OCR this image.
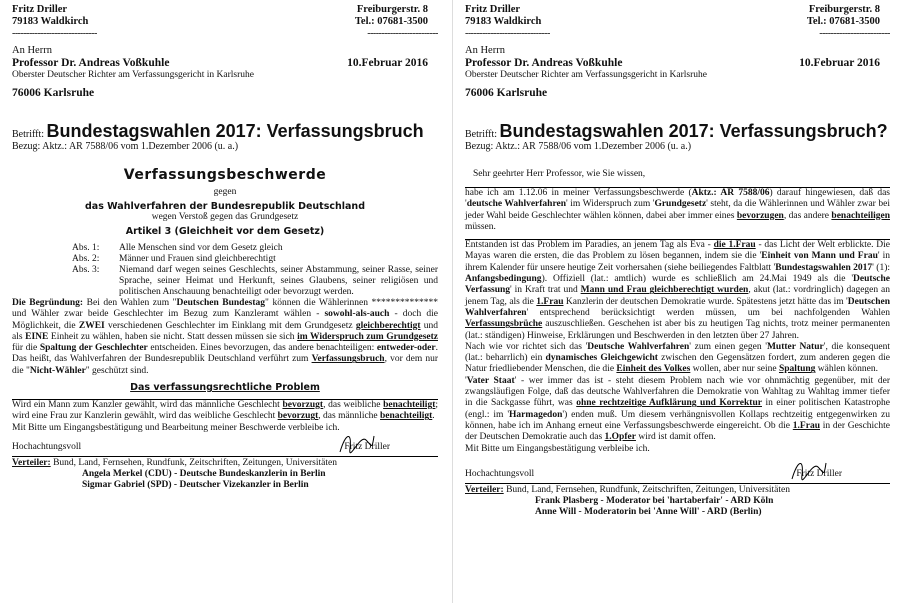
Fritz Driller
79183 Waldkirch
Freiburgerstr. 8
Tel.: 07681-3500
------------------------------	-------------------------
An Herrn
Professor Dr. Andreas Voßkuhle	10.Februar 2016
Oberster Deutscher Richter am Verfassungsgericht in Karlsruhe
76006 Karlsruhe
Betrifft: Bundestagswahlen 2017: Verfassungsbruch
Bezug: Aktz.: AR 7588/06 vom 1.Dezember 2006 (u. a.)
Verfassungsbeschwerde
gegen
das Wahlverfahren der Bundesrepublik Deutschland
wegen Verstoß gegen das Grundgesetz
Artikel 3 (Gleichheit vor dem Gesetz)
Abs. 1:	Alle Menschen sind vor dem Gesetz gleich
Abs. 2:	Männer und Frauen sind gleichberechtigt
Abs. 3:	Niemand darf wegen seines Geschlechts, seiner Abstammung, seiner Rasse, seiner Sprache, seiner Heimat und Herkunft, seines Glaubens, seiner religiösen und politischen Anschauung benachteiligt oder bevorzugt werden.

Die Begründung: Bei den Wahlen zum "Deutschen Bundestag" können die Wählerinnen ************** und Wähler zwar beide Geschlechter im Bezug zum Kanzleramt wählen - sowohl-als-auch - doch die Möglichkeit, die ZWEI verschiedenen Geschlechter im Einklang mit dem Grundgesetz gleichberechtigt und als EINE Einheit zu wählen, haben sie nicht. Statt dessen müssen sie sich im Widerspruch zum Grundgesetz für die Spaltung der Geschlechter entscheiden. Eines bevorzugen, das andere benachteiligen: entweder-oder. Das heißt, das Wahlverfahren der Bundesrepublik Deutschland verführt zum Verfassungsbruch, vor dem nur die "Nicht-Wähler" geschützt sind.

Das verfassungsrechtliche Problem

Wird ein Mann zum Kanzler gewählt, wird das männliche Geschlecht bevorzugt, das weibliche benachteiligt; wird eine Frau zur Kanzlerin gewählt, wird das weibliche Geschlecht bevorzugt, das männliche benachteiligt.

Mit Bitte um Eingangsbestätigung und Bearbeitung meiner Beschwerde verbleibe ich.

Hochachtungsvoll	Fritz Driller
Verteiler: Bund, Land, Fernsehen, Rundfunk, Zeitschriften, Zeitungen, Universitäten
Angela Merkel (CDU) - Deutsche Bundeskanzlerin in Berlin
Sigmar Gabriel (SPD) - Deutscher Vizekanzler in Berlin
Fritz Driller
79183 Waldkirch
Freiburgerstr. 8
Tel.: 07681-3500
------------------------------	-------------------------
An Herrn
Professor Dr. Andreas Voßkuhle	10.Februar 2016
Oberster Deutscher Richter am Verfassungsgericht in Karlsruhe
76006 Karlsruhe
Betrifft: Bundestagswahlen 2017: Verfassungsbruch?
Bezug: Aktz.: AR 7588/06 vom 1.Dezember 2006 (u. a.)
Sehr geehrter Herr Professor, wie Sie wissen,

habe ich am 1.12.06 in meiner Verfassungsbeschwerde (Aktz.: AR 7588/06) darauf hingewiesen, daß das 'deutsche Wahlverfahren' im Widerspruch zum 'Grundgesetz' steht, da die Wählerinnen und Wähler zwar bei jeder Wahl beide Geschlechter wählen können, dabei aber immer eines bevorzugen, das andere benachteiligen müssen.

Entstanden ist das Problem im Paradies, an jenem Tag als Eva - die 1.Frau - das Licht der Welt erblickte. Die Mayas waren die ersten, die das Problem zu lösen begannen, indem sie die 'Einheit von Mann und Frau' in ihrem Kalender für unsere heutige Zeit vorhersahen (siehe beiliegendes Faltblatt 'Bundestagswahlen 2017' (1): Anfangsbedingung). Offiziell (lat.: amtlich) wurde es schließlich am 24.Mai 1949 als die 'Deutsche Verfassung' in Kraft trat und Mann und Frau gleichberechtigt wurden, akut (lat.: vordringlich) dagegen an jenem Tag, als die 1.Frau Kanzlerin der deutschen Demokratie wurde. Spätestens jetzt hätte das im 'Deutschen Wahlverfahren' entsprechend berücksichtigt werden müssen, um bei nachfolgenden Wahlen Verfassungsbrüche auszuschließen. Geschehen ist aber bis zu heutigen Tag nichts, trotz meiner permanenten (lat.: ständigen) Hinweise, Erklärungen und Beschwerden in den letzten über 27 Jahren.

Nach wie vor richtet sich das 'Deutsche Wahlverfahren' zum einen gegen 'Mutter Natur', die konsequent (lat.: beharrlich) ein dynamisches Gleichgewicht zwischen den Gegensätzen fordert, zum anderen gegen die Natur friedliebender Menschen, die die Einheit des Volkes wollen, aber nur seine Spaltung wählen können.

'Vater Staat' - wer immer das ist - steht diesem Problem nach wie vor ohnmächtig gegenüber, mit der zwangsläufigen Folge, daß das deutsche Wahlverfahren die Demokratie von Wahltag zu Wahltag immer tiefer in die Sackgasse führt, was ohne rechtzeitige Aufklärung und Korrektur in einer politischen Katastrophe (engl.: im 'Harmagedon') enden muß. Um diesem verhängnisvollen Kollaps rechtzeitig entgegenwirken zu können, habe ich im Anhang erneut eine Verfassungsbeschwerde eingereicht. Ob die 1.Frau in der Geschichte der Deutschen Demokratie auch das 1.Opfer wird ist damit offen.

Mit Bitte um Eingangsbestätigung verbleibe ich.

Hochachtungsvoll	Fritz Driller
Verteiler: Bund, Land, Fernsehen, Rundfunk, Zeitschriften, Zeitungen, Universitäten
Frank Plasberg - Moderator bei 'hartaberfair' - ARD Köln
Anne Will - Moderatorin bei 'Anne Will' - ARD (Berlin)
